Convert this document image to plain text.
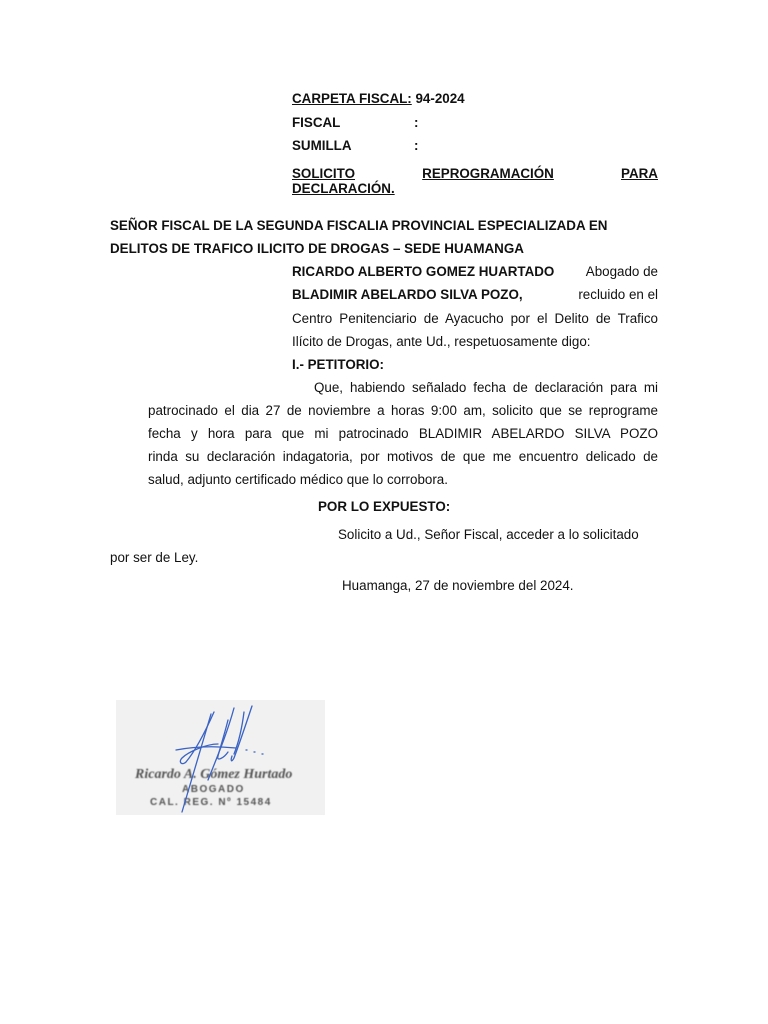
CARPETA FISCAL: 94-2024
FISCAL	:
SUMILLA	:
SOLICITO	REPROGRAMACIÓN	PARA
DECLARACIÓN.
SEÑOR FISCAL DE LA SEGUNDA FISCALIA PROVINCIAL ESPECIALIZADA EN
DELITOS DE TRAFICO ILICITO DE DROGAS – SEDE HUAMANGA
RICARDO ALBERTO GOMEZ HUARTADO Abogado de
BLADIMIR ABELARDO SILVA POZO,	recluido en el
Centro Penitenciario de Ayacucho por el Delito de Trafico
Ilícito de Drogas, ante Ud., respetuosamente digo:
I.- PETITORIO:
Que, habiendo señalado fecha de declaración para mi
patrocinado el dia 27 de noviembre a horas 9:00 am, solicito que se reprograme
fecha y hora para que mi patrocinado BLADIMIR ABELARDO SILVA POZO
rinda su declaración indagatoria, por motivos de que me encuentro delicado de
salud, adjunto certificado médico que lo corrobora.
POR LO EXPUESTO:
Solicito a Ud., Señor Fiscal, acceder a lo solicitado
por ser de Ley.
Huamanga, 27 de noviembre del 2024.
Ricardo A. Gómez Hurtado
ABOGADO
CAL. REG. Nº 15484
